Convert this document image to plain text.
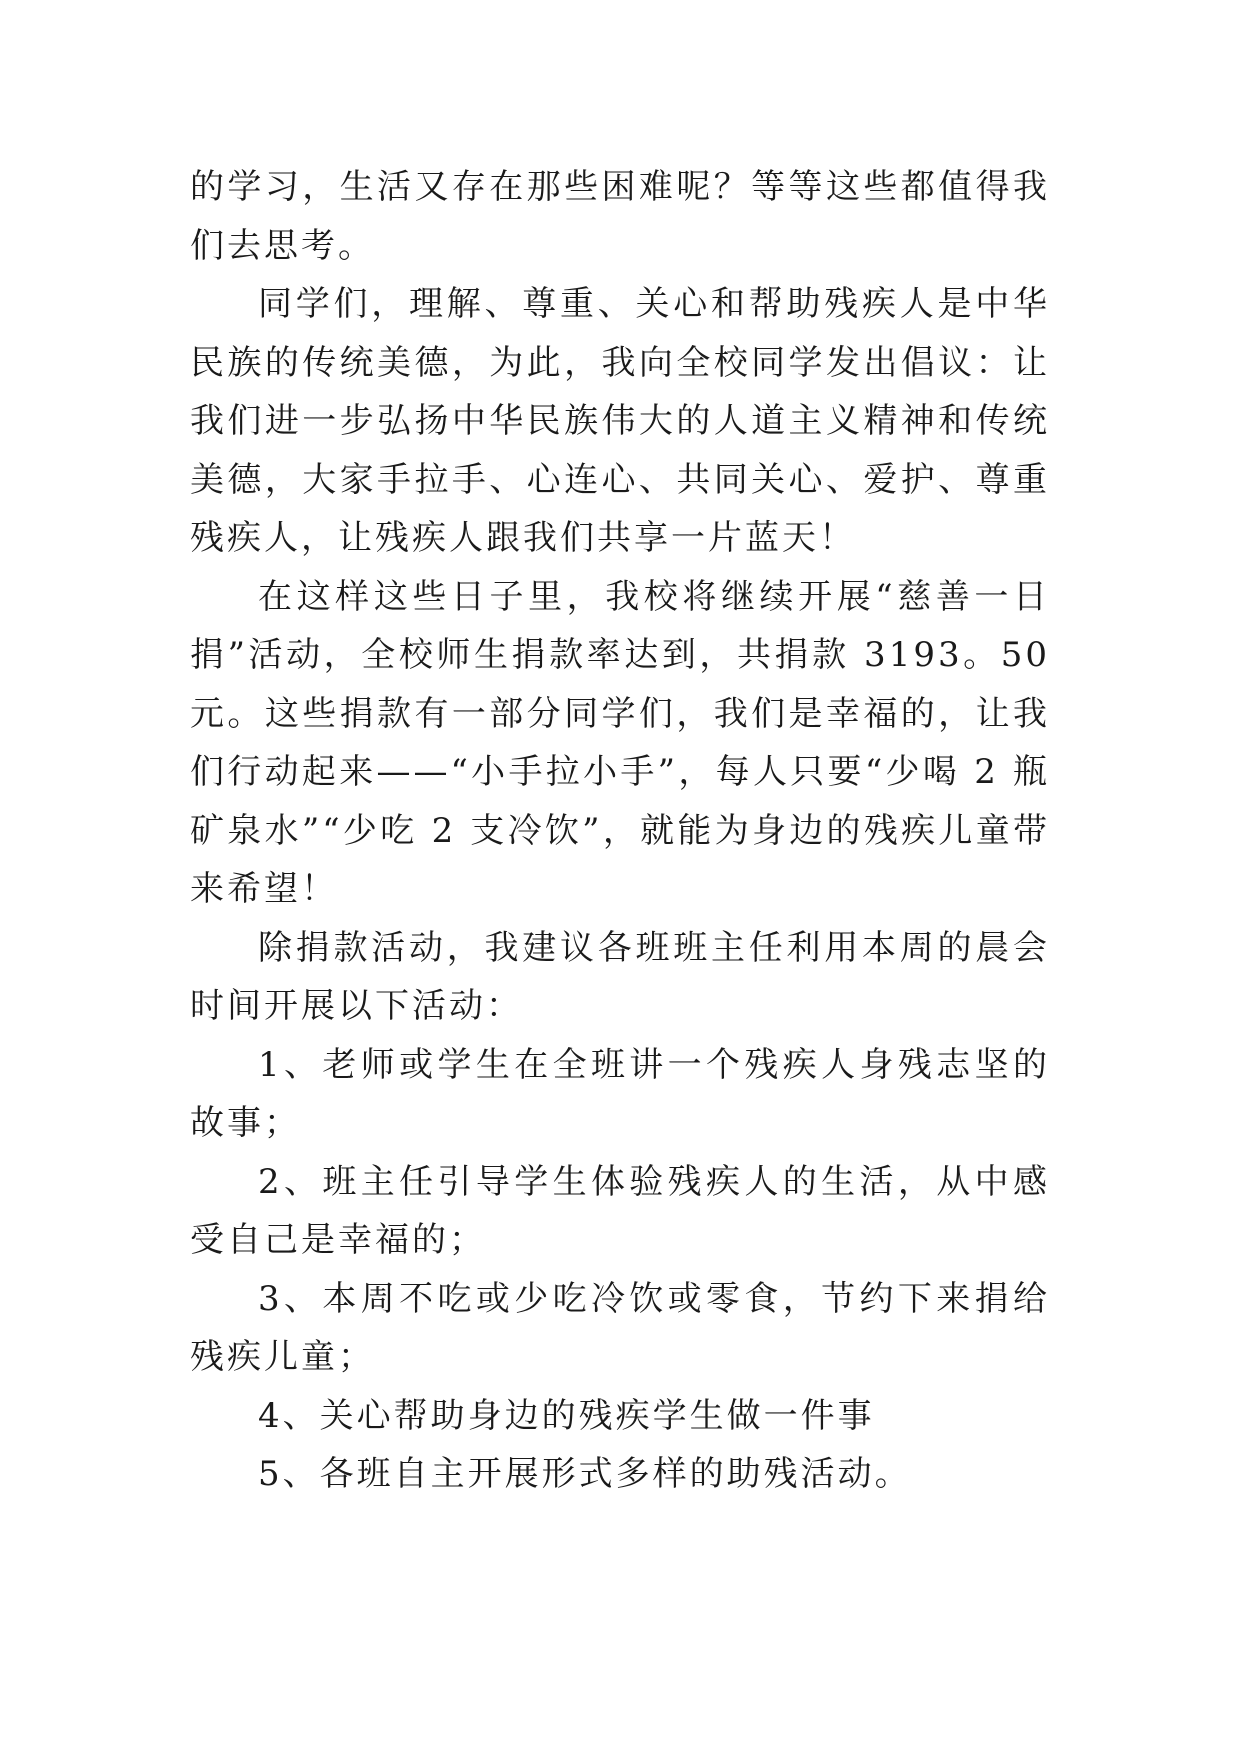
的学习，生活又存在那些困难呢？等等这些都值得我们去思考。

同学们，理解、尊重、关心和帮助残疾人是中华民族的传统美德，为此，我向全校同学发出倡议：让我们进一步弘扬中华民族伟大的人道主义精神和传统美德，大家手拉手、心连心、共同关心、爱护、尊重残疾人，让残疾人跟我们共享一片蓝天！

在这样这些日子里，我校将继续开展“慈善一日捐”活动，全校师生捐款率达到，共捐款 3193。50 元。这些捐款有一部分同学们，我们是幸福的，让我们行动起来——“小手拉小手”，每人只要“少喝 2 瓶矿泉水”“少吃 2 支冷饮”，就能为身边的残疾儿童带来希望！

除捐款活动，我建议各班班主任利用本周的晨会时间开展以下活动：

1、老师或学生在全班讲一个残疾人身残志坚的故事；

2、班主任引导学生体验残疾人的生活，从中感受自己是幸福的；

3、本周不吃或少吃冷饮或零食，节约下来捐给残疾儿童；

4、关心帮助身边的残疾学生做一件事

5、各班自主开展形式多样的助残活动。
